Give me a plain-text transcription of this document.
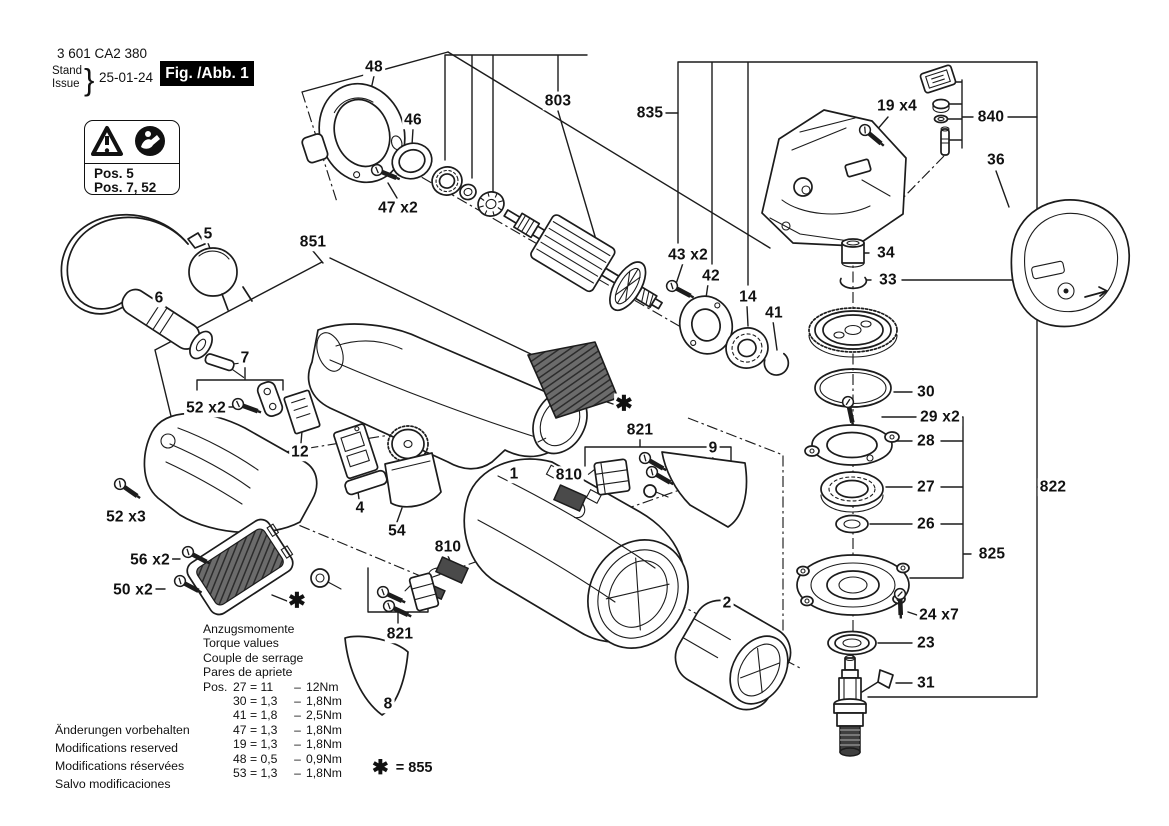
3 601 CA2 380
Stand
Issue } 25-01-24 Fig. /Abb. 1
Pos. 5
Pos. 7, 52
Anzugsmomente
Torque values
Couple de serrage
Pares de apriete
Pos. 27 = 11	– 12Nm
30 = 1,3	– 1,8Nm
41 = 1,8	– 2,5Nm
47 = 1,3	– 1,8Nm
19 = 1,3	– 1,8Nm
48 = 0,5	– 0,9Nm
53 = 1,3	– 1,8Nm ✱ = 855
Änderungen vorbehalten
Modifications reserved
Modifications réservées
Salvo modificaciones
48
46
47 x2
803
835	19 x4
840
36
5
6
851
7
52 x2
12
4
54
1 810
821
9
810
2
821
8
43 x2
42
14
41
34
33
30
29 x2
28
27
26
825
822
24 x7
23
31
52 x3
56 x2
50 x2	✱
✱
